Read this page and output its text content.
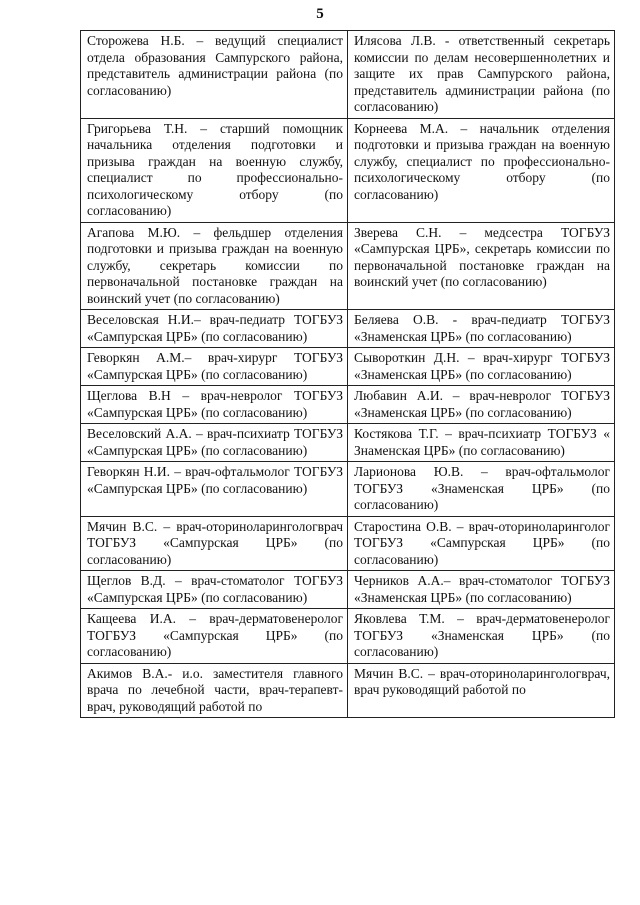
5
Сторожева Н.Б. – ведущий специалист отдела образования Сампурского района, представитель администрации района (по согласованию)	Илясова Л.В. - ответственный секретарь комиссии по делам несовершеннолетних и защите их прав Сампурского района, представитель администрации района (по согласованию)
Григорьева Т.Н. – старший помощник начальника отделения подготовки и призыва граждан на военную службу, специалист по профессионально-психологическому отбору (по согласованию)	Корнеева М.А. – начальник отделения подготовки и призыва граждан на военную службу, специалист по профессионально-психологическому отбору (по согласованию)
Агапова М.Ю. – фельдшер отделения подготовки и призыва граждан на военную службу, секретарь комиссии по первоначальной постановке граждан на воинский учет (по согласованию)	Зверева С.Н. – медсестра ТОГБУЗ «Сампурская ЦРБ», секретарь комиссии по первоначальной постановке граждан на воинский учет (по согласованию)
Веселовская Н.И.– врач-педиатр ТОГБУЗ «Сампурская ЦРБ» (по согласованию)	Беляева О.В. - врач-педиатр ТОГБУЗ «Знаменская ЦРБ» (по согласованию)
Геворкян А.М.– врач-хирург ТОГБУЗ «Сампурская ЦРБ» (по согласованию)	Сывороткин Д.Н. – врач-хирург ТОГБУЗ «Знаменская ЦРБ» (по согласованию)
Щеглова В.Н – врач-невролог ТОГБУЗ «Сампурская ЦРБ» (по согласованию)	Любавин А.И. – врач-невролог ТОГБУЗ «Знаменская ЦРБ» (по согласованию)
Веселовский А.А. – врач-психиатр ТОГБУЗ «Сампурская ЦРБ» (по согласованию)	Костякова Т.Г. – врач-психиатр ТОГБУЗ « Знаменская ЦРБ» (по согласованию)
Геворкян Н.И. – врач-офтальмолог ТОГБУЗ «Сампурская ЦРБ» (по согласованию)	Ларионова Ю.В. – врач-офтальмолог ТОГБУЗ «Знаменская ЦРБ» (по согласованию)
Мячин В.С. – врач-оториноларингологврач ТОГБУЗ «Сампурская ЦРБ» (по согласованию)	Старостина О.В. – врач-оториноларинголог ТОГБУЗ «Сампурская ЦРБ» (по согласованию)
Щеглов В.Д. – врач-стоматолог ТОГБУЗ «Сампурская ЦРБ» (по согласованию)	Черников А.А.– врач-стоматолог ТОГБУЗ «Знаменская ЦРБ» (по согласованию)
Кащеева И.А. – врач-дерматовенеролог ТОГБУЗ «Сампурская ЦРБ» (по согласованию)	Яковлева Т.М. – врач-дерматовенеролог ТОГБУЗ «Знаменская ЦРБ» (по согласованию)
Акимов В.А.- и.о. заместителя главного врача по лечебной части, врач-терапевт-врач, руководящий работой по	Мячин В.С. – врач-оториноларингологврач, врач руководящий работой по
